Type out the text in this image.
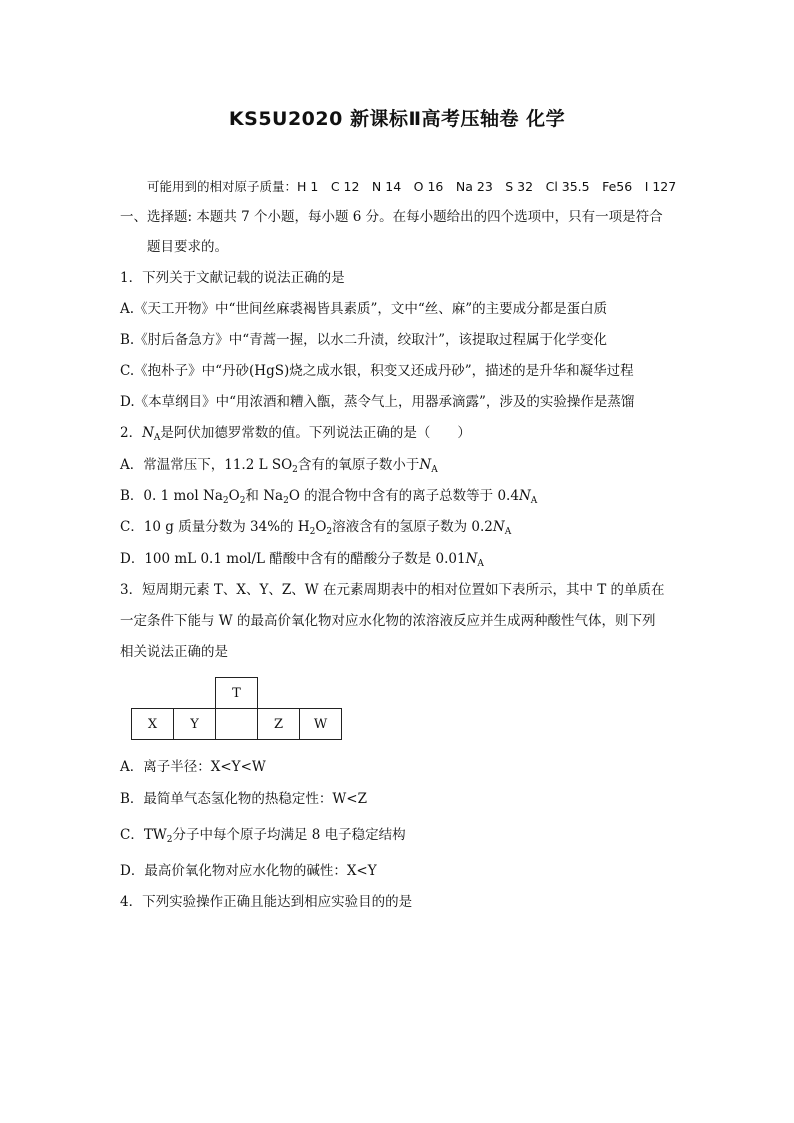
KS5U2020 新课标Ⅱ高考压轴卷 化学
可能用到的相对原子质量：H 1　C 12　N 14　O 16　Na 23　S 32　Cl 35.5　Fe56　I 127
一、选择题: 本题共 7 个小题，每小题 6 分。在每小题给出的四个选项中，只有一项是符合
题目要求的。
1．下列关于文献记载的说法正确的是
A.《天工开物》中“世间丝麻裘褐皆具素质”，文中“丝、麻”的主要成分都是蛋白质
B.《肘后备急方》中“青蒿一握，以水二升渍，绞取汁”，该提取过程属于化学变化
C.《抱朴子》中“丹砂(HgS)烧之成水银，积变又还成丹砂”，描述的是升华和凝华过程
D.《本草纲目》中“用浓酒和糟入甑，蒸令气上，用器承滴露”，涉及的实验操作是蒸馏
2．$N_A$是阿伏加德罗常数的值。下列说法正确的是（　　）
A．常温常压下，11.2 L $SO_2$含有的氧原子数小于$N_A$
B．0. 1 mol $Na_2O_2$和 $Na_2O$ 的混合物中含有的离子总数等于 $0.4N_A$
C．10 g 质量分数为 34%的 $H_2O_2$溶液含有的氢原子数为 $0.2N_A$
D．100 mL 0.1 mol/L 醋酸中含有的醋酸分子数是 $0.01N_A$
3．短周期元素 T、X、Y、Z、W 在元素周期表中的相对位置如下表所示，其中 T 的单质在
一定条件下能与 W 的最高价氧化物对应水化物的浓溶液反应并生成两种酸性气体，则下列
相关说法正确的是
		T		
X	Y		Z	W
A．离子半径：X<Y<W
B．最简单气态氢化物的热稳定性：W<Z
C．$TW_2$分子中每个原子均满足 8 电子稳定结构
D．最高价氧化物对应水化物的碱性：X<Y
4．下列实验操作正确且能达到相应实验目的的是
